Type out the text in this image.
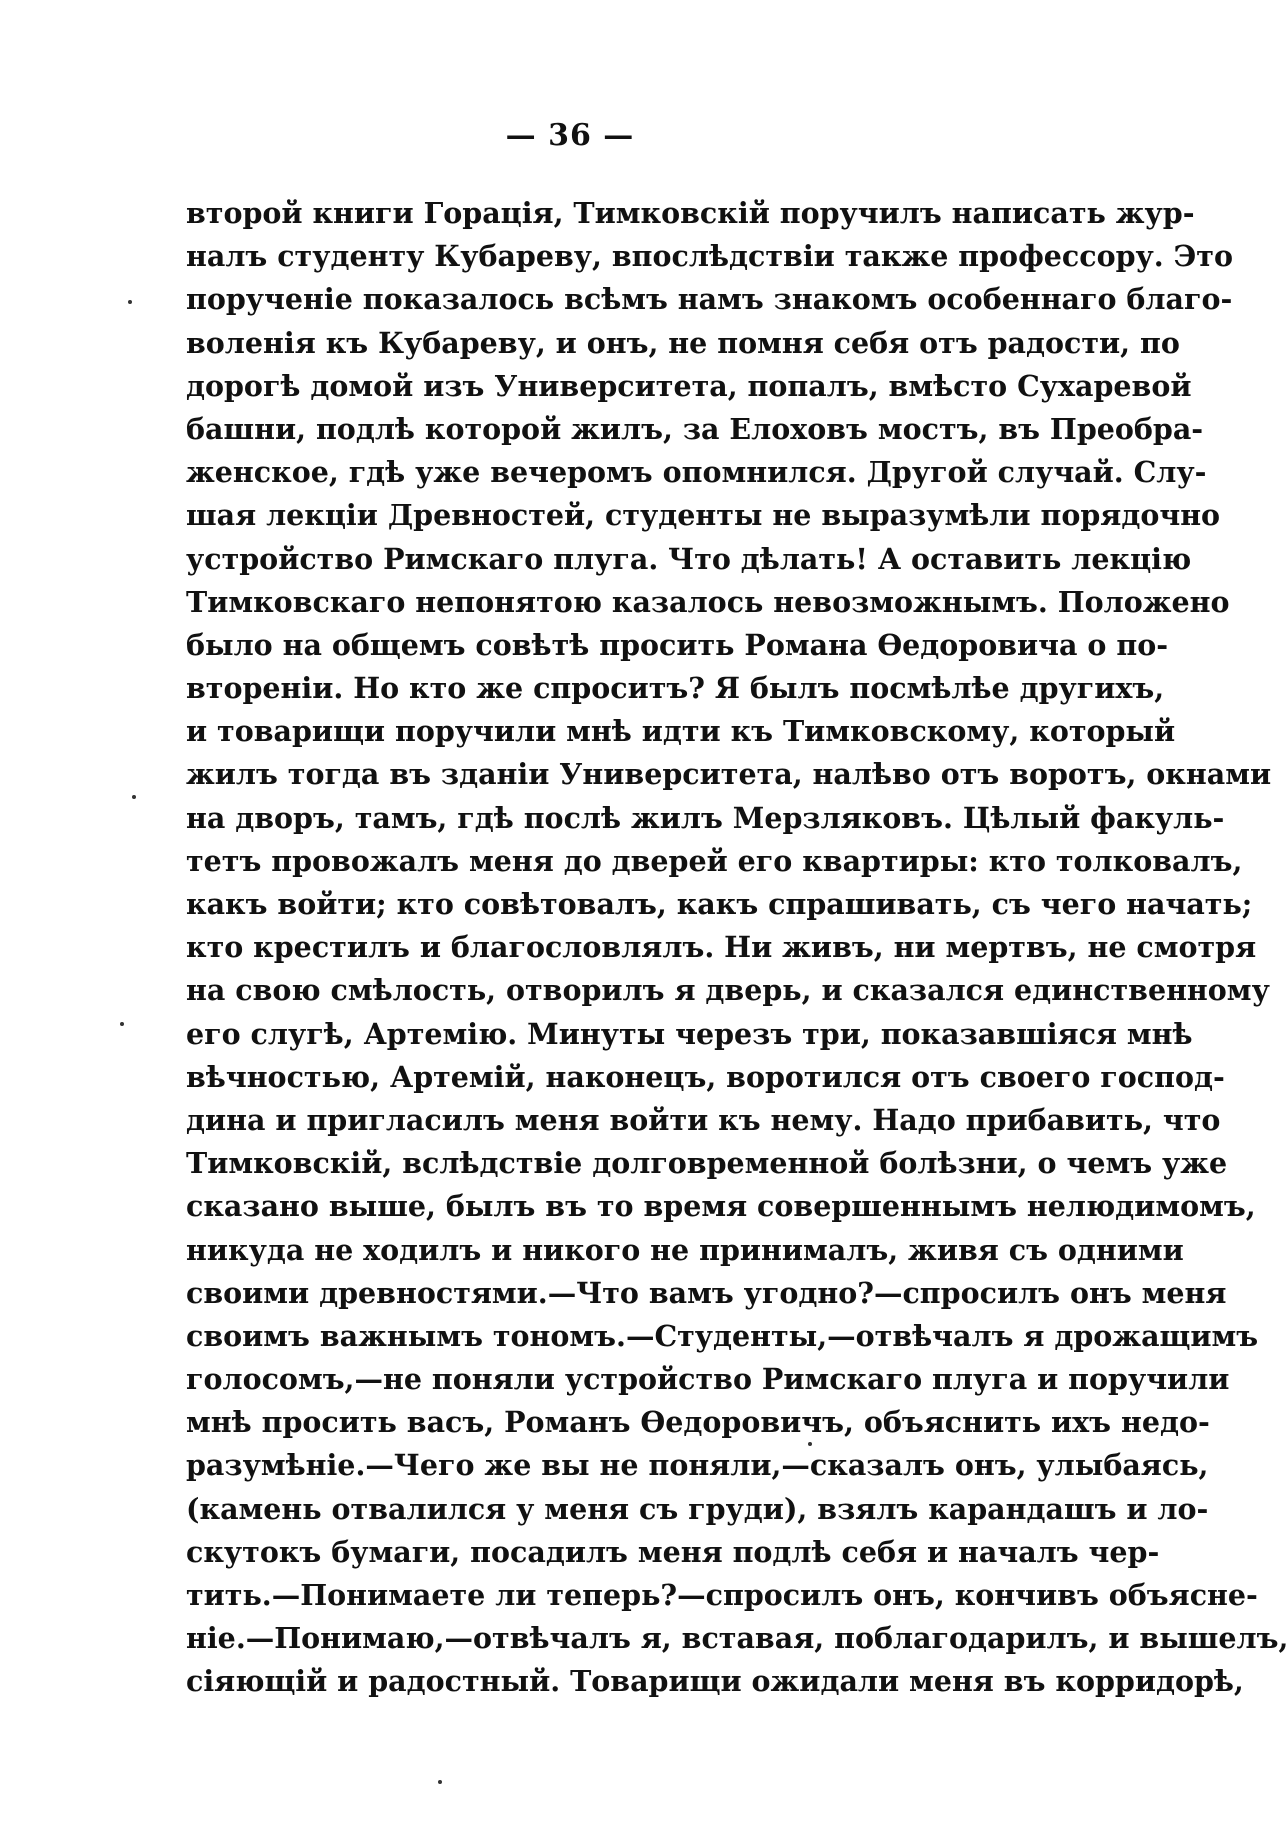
— 36 —
второй книги Горація, Тимковскій поручилъ написать жур-
налъ студенту Кубареву, впослѣдствіи также профессору. Это
порученіе показалось всѣмъ намъ знакомъ особеннаго благо-
воленія къ Кубареву, и онъ, не помня себя отъ радости, по
дорогѣ домой изъ Университета, попалъ, вмѣсто Сухаревой
башни, подлѣ которой жилъ, за Елоховъ мостъ, въ Преобра-
женское, гдѣ уже вечеромъ опомнился. Другой случай. Слу-
шая лекціи Древностей, студенты не выразумѣли порядочно
устройство Римскаго плуга. Что дѣлать! А оставить лекцію
Тимковскаго непонятою казалось невозможнымъ. Положено
было на общемъ совѣтѣ просить Романа Ѳедоровича о по-
вторенiи. Но кто же спроситъ? Я былъ посмѣлѣе другихъ,
и товарищи поручили мнѣ идти къ Тимковскому, который
жилъ тогда въ зданіи Университета, налѣво отъ воротъ, окнами
на дворъ, тамъ, гдѣ послѣ жилъ Мерзляковъ. Цѣлый факуль-
тетъ провожалъ меня до дверей его квартиры: кто толковалъ,
какъ войти; кто совѣтовалъ, какъ спрашивать, съ чего начать;
кто крестилъ и благословлялъ. Ни живъ, ни мертвъ, не смотря
на свою смѣлость, отворилъ я дверь, и сказался единственному
его слугѣ, Артемію. Минуты черезъ три, показавшіяся мнѣ
вѣчностью, Артемій, наконецъ, воротился отъ своего господ-
дина и пригласилъ меня войти къ нему. Надо прибавить, что
Тимковскій, вслѣдствіе долговременной болѣзни, о чемъ уже
сказано выше, былъ въ то время совершеннымъ нелюдимомъ,
никуда не ходилъ и никого не принималъ, живя съ одними
своими древностями.—Что вамъ угодно?—спросилъ онъ меня
своимъ важнымъ тономъ.—Студенты,—отвѣчалъ я дрожащимъ
голосомъ,—не поняли устройство Римскаго плуга и поручили
мнѣ просить васъ, Романъ Ѳедоровичъ, объяснить ихъ недо-
разумѣніе.—Чего же вы не поняли,—сказалъ онъ, улыбаясь,
(камень отвалился у меня съ груди), взялъ карандашъ и ло-
скутокъ бумаги, посадилъ меня подлѣ себя и началъ чер-
тить.—Понимаете ли теперь?—спросилъ онъ, кончивъ объясне-
ніе.—Понимаю,—отвѣчалъ я, вставая, поблагодарилъ, и вышелъ,
сіяющій и радостный. Товарищи ожидали меня въ корридорѣ,
